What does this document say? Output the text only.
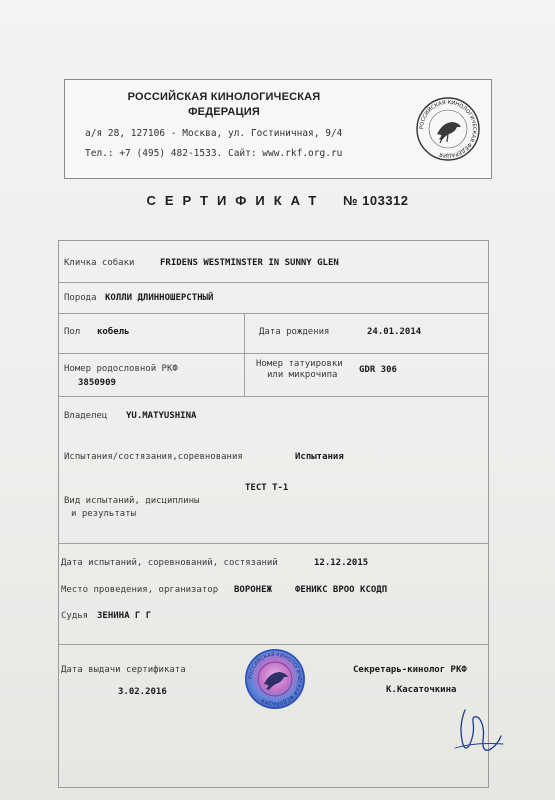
РОССИЙСКАЯ КИНОЛОГИЧЕСКАЯ
ФЕДЕРАЦИЯ
а/я 28, 127106 - Москва, ул. Гостиничная, 9/4
Тел.: +7 (495) 482-1533. Сайт: www.rkf.org.ru
РОССИЙСКАЯ КИНОЛОГИЧЕСКАЯ ФЕДЕРАЦИЯ
СЕРТИФИКАТ № 103312
Кличка собаки	FRIDENS WESTMINSTER IN SUNNY GLEN
Порода КОЛЛИ ДЛИННОШЕРСТНЫЙ
Пол кобель	Дата рождения	24.01.2014
Номер родословной РКФ
3850909
Номер татуировки
или микрочипа GDR 306
Владелец YU.MATYUSHINA
Испытания/состязания,соревнования	Испытания
ТЕСТ Т-1
Вид испытаний, дисциплины
и результаты
Дата испытаний, соревнований, состязаний	12.12.2015
Место проведения, организатор ВОРОНЕЖ	ФЕНИКС ВРОО КСОДП
Судья ЗЕНИНА Г Г
Дата выдачи сертификата
3.02.2016
Секретарь-кинолог РКФ
К.Касаточкина
РОССИЙСКАЯ КИНОЛОГИЧЕСКАЯ ФЕДЕРАЦИЯ
